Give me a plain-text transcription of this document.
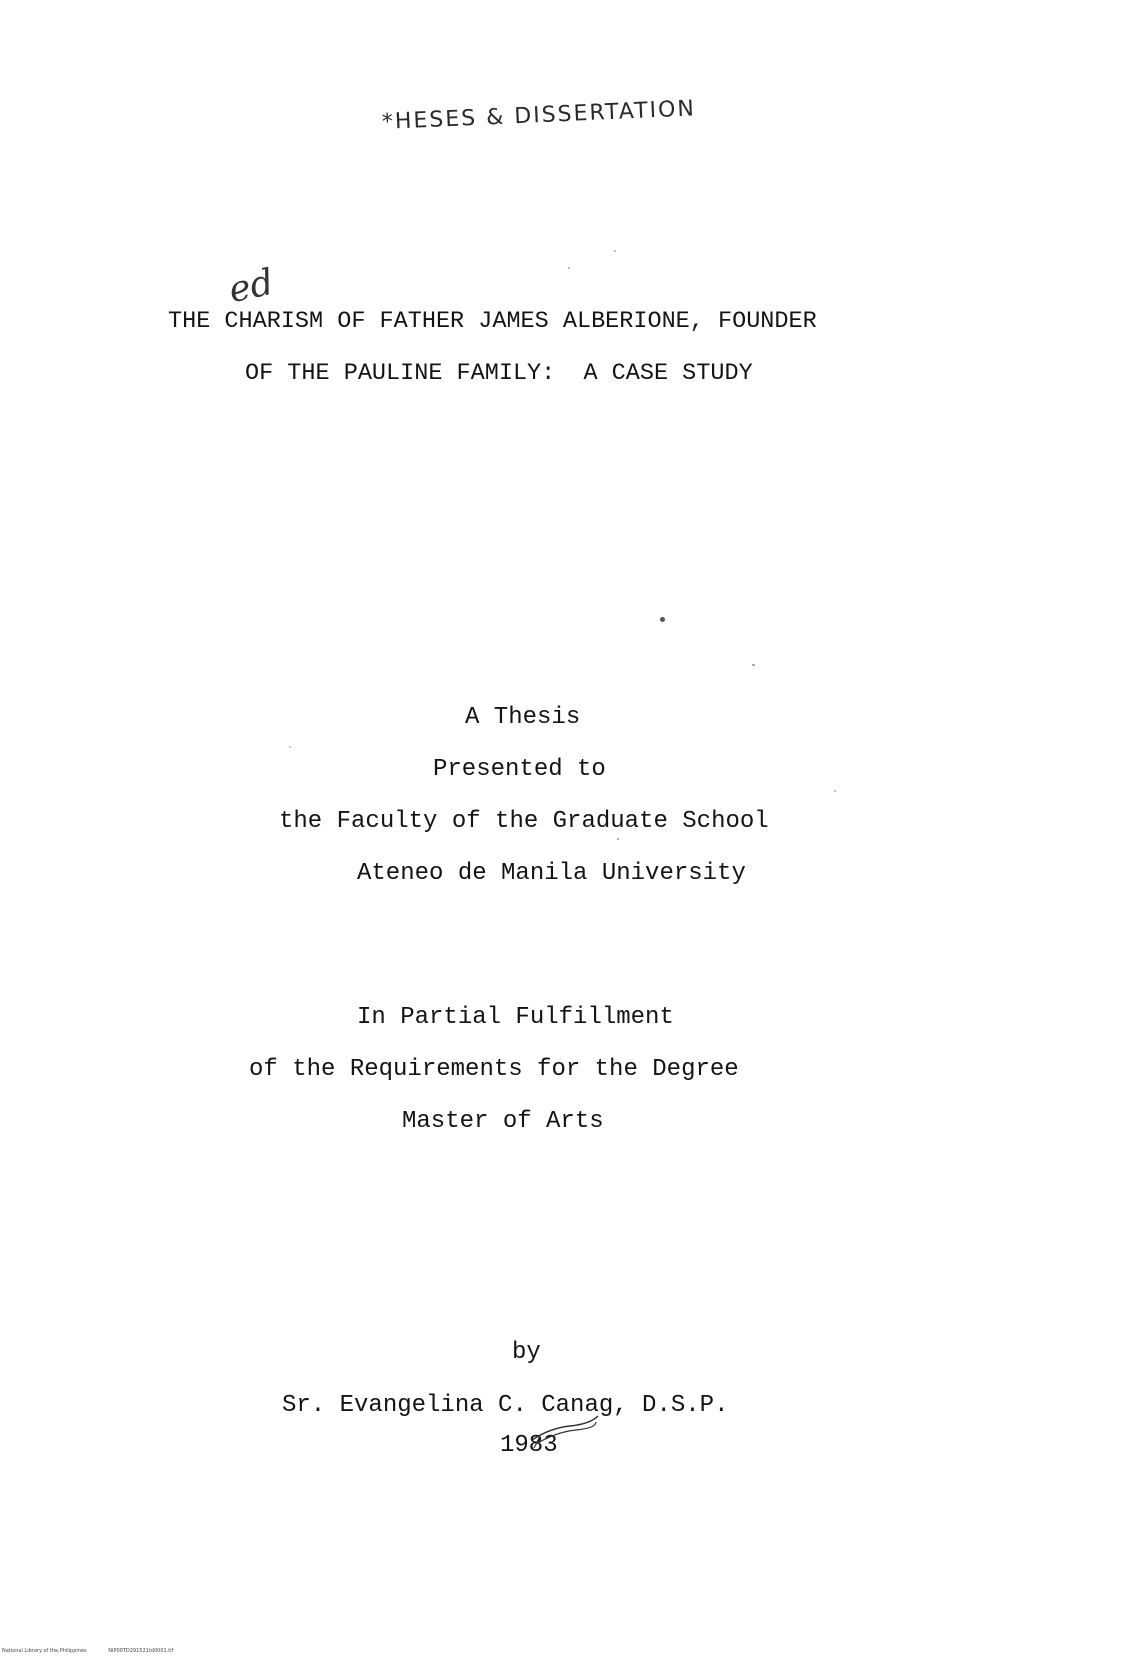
*HESES & DISSERTATION
ed
THE CHARISM OF FATHER JAMES ALBERIONE, FOUNDER
OF THE PAULINE FAMILY:  A CASE STUDY
A Thesis
Presented to
the Faculty of the Graduate School
Ateneo de Manila University
In Partial Fulfillment
of the Requirements for the Degree
Master of Arts
by
Sr. Evangelina C. Canag, D.S.P.
1983
National Library of the Philippines	NIP00TD291521td0001.tif
